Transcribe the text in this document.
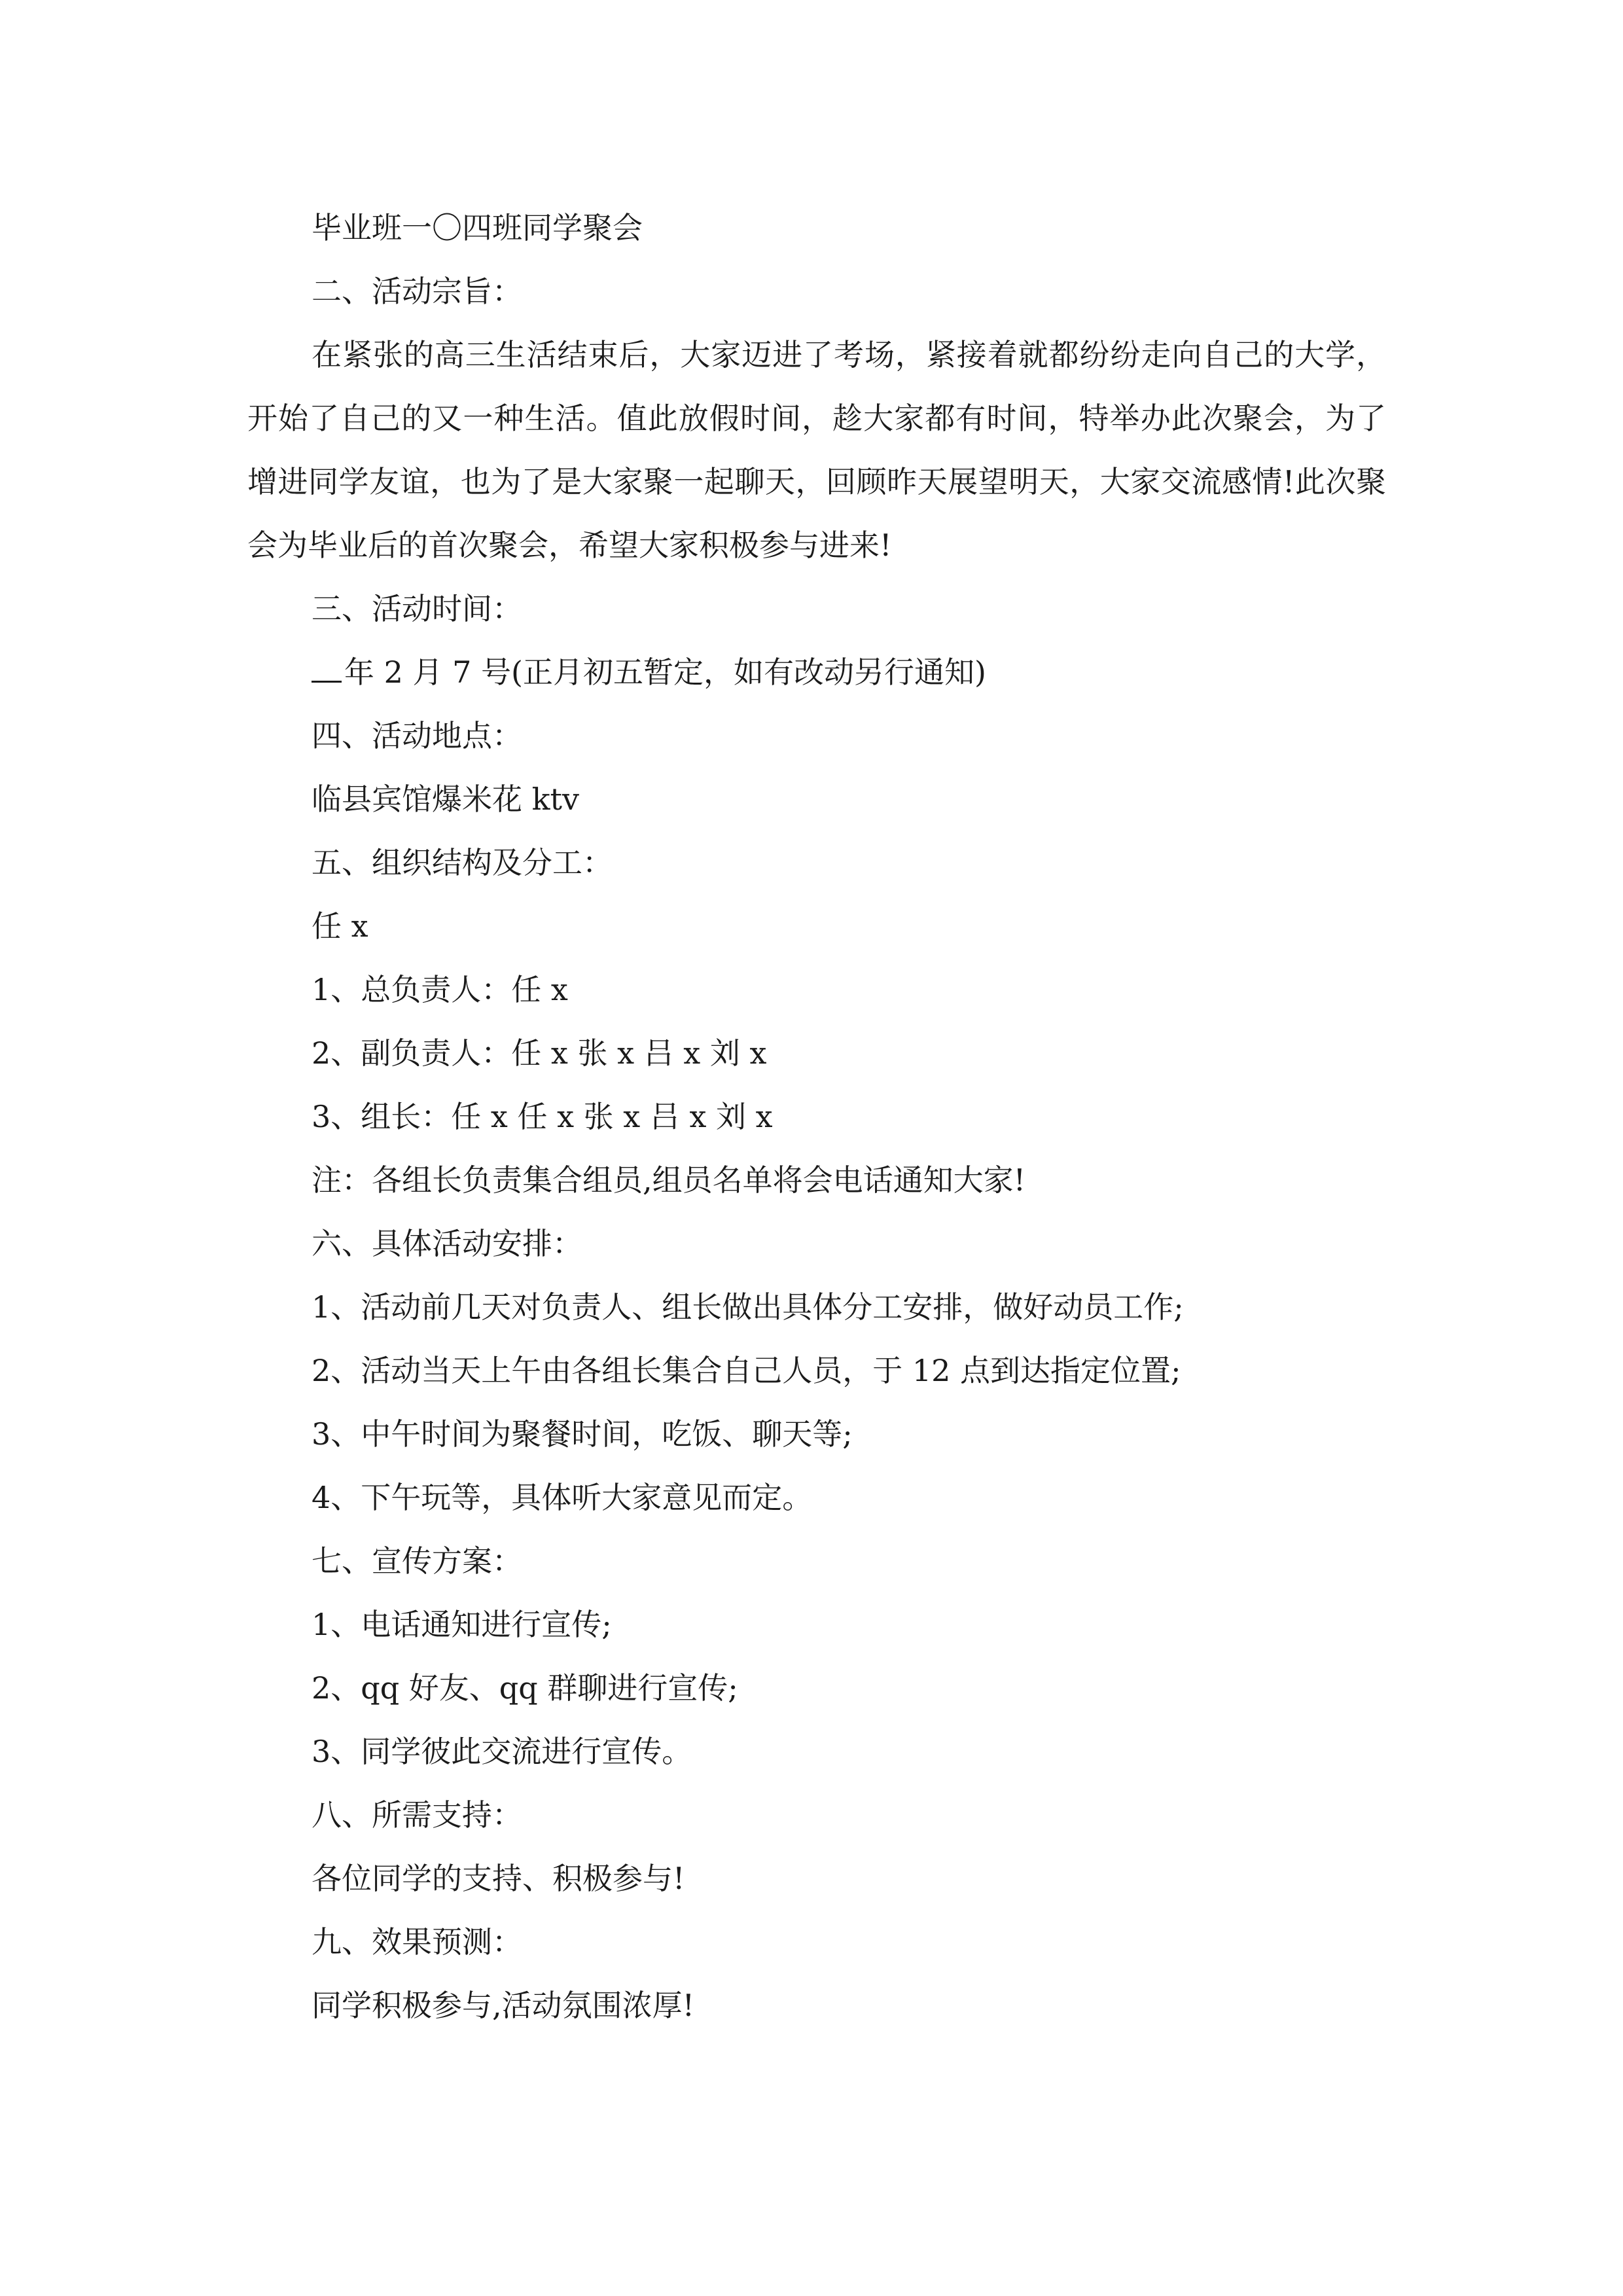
毕业班一〇四班同学聚会

二、活动宗旨：

在紧张的高三生活结束后，大家迈进了考场，紧接着就都纷纷走向自己的大学，开始了自己的又一种生活。值此放假时间，趁大家都有时间，特举办此次聚会，为了增进同学友谊，也为了是大家聚一起聊天，回顾昨天展望明天，大家交流感情!此次聚会为毕业后的首次聚会，希望大家积极参与进来!

三、活动时间：

年 2 月 7 号(正月初五暂定，如有改动另行通知)

四、活动地点：

临县宾馆爆米花 ktv

五、组织结构及分工：

任 x

1、总负责人：任 x

2、副负责人：任 x 张 x 吕 x 刘 x

3、组长：任 x 任 x 张 x 吕 x 刘 x

注：各组长负责集合组员,组员名单将会电话通知大家!

六、具体活动安排：

1、活动前几天对负责人、组长做出具体分工安排，做好动员工作;

2、活动当天上午由各组长集合自己人员，于 12 点到达指定位置;

3、中午时间为聚餐时间，吃饭、聊天等;

4、下午玩等，具体听大家意见而定。

七、宣传方案：

1、电话通知进行宣传;

2、qq 好友、qq 群聊进行宣传;

3、同学彼此交流进行宣传。

八、所需支持：

各位同学的支持、积极参与!

九、效果预测：

同学积极参与,活动氛围浓厚!
